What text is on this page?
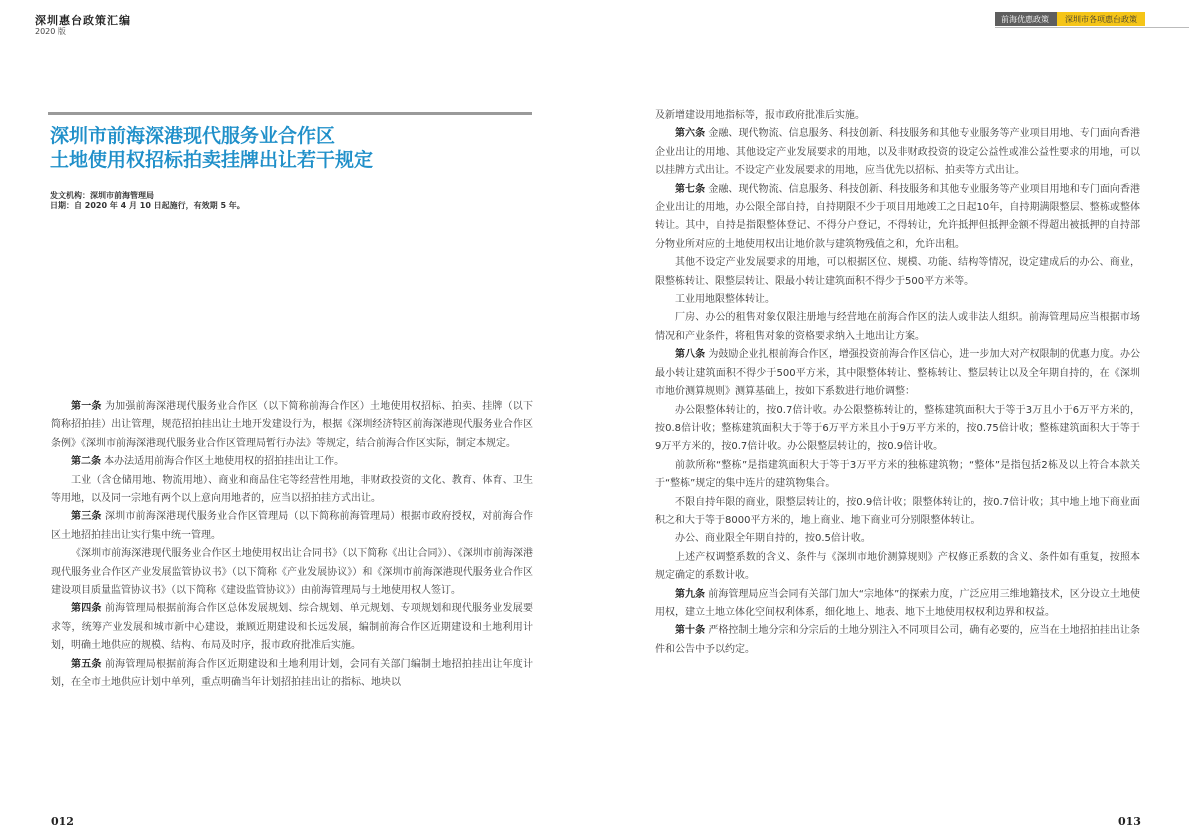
深圳惠台政策汇编
2020 版
前海优惠政策	深圳市各项惠台政策
深圳市前海深港现代服务业合作区
土地使用权招标拍卖挂牌出让若干规定
发文机构：深圳市前海管理局
日期：自 2020 年 4 月 10 日起施行，有效期 5 年。

第一条 为加强前海深港现代服务业合作区（以下简称前海合作区）土地使用权招标、拍卖、挂牌（以下简称招拍挂）出让管理，规范招拍挂出让土地开发建设行为，根据《深圳经济特区前海深港现代服务业合作区条例》《深圳市前海深港现代服务业合作区管理局暂行办法》等规定，结合前海合作区实际，制定本规定。

第二条 本办法适用前海合作区土地使用权的招拍挂出让工作。

工业（含仓储用地、物流用地）、商业和商品住宅等经营性用地，非财政投资的文化、教育、体育、卫生等用地，以及同一宗地有两个以上意向用地者的，应当以招拍挂方式出让。

第三条 深圳市前海深港现代服务业合作区管理局（以下简称前海管理局）根据市政府授权，对前海合作区土地招拍挂出让实行集中统一管理。

《深圳市前海深港现代服务业合作区土地使用权出让合同书》（以下简称《出让合同》）、《深圳市前海深港现代服务业合作区产业发展监管协议书》（以下简称《产业发展协议》）和《深圳市前海深港现代服务业合作区建设项目质量监管协议书》（以下简称《建设监管协议》）由前海管理局与土地使用权人签订。

第四条 前海管理局根据前海合作区总体发展规划、综合规划、单元规划、专项规划和现代服务业发展要求等，统筹产业发展和城市新中心建设，兼顾近期建设和长远发展，编制前海合作区近期建设和土地利用计划，明确土地供应的规模、结构、布局及时序，报市政府批准后实施。

第五条 前海管理局根据前海合作区近期建设和土地利用计划，会同有关部门编制土地招拍挂出让年度计划，在全市土地供应计划中单列，重点明确当年计划招拍挂出让的指标、地块以

及新增建设用地指标等，报市政府批准后实施。

第六条 金融、现代物流、信息服务、科技创新、科技服务和其他专业服务等产业项目用地、专门面向香港企业出让的用地、其他设定产业发展要求的用地，以及非财政投资的设定公益性或准公益性要求的用地，可以以挂牌方式出让。不设定产业发展要求的用地，应当优先以招标、拍卖等方式出让。

第七条 金融、现代物流、信息服务、科技创新、科技服务和其他专业服务等产业项目用地和专门面向香港企业出让的用地，办公限全部自持，自持期限不少于项目用地竣工之日起10年，自持期满限整层、整栋或整体转让。其中，自持是指限整体登记、不得分户登记，不得转让，允许抵押但抵押金额不得超出被抵押的自持部分物业所对应的土地使用权出让地价款与建筑物残值之和，允许出租。

其他不设定产业发展要求的用地，可以根据区位、规模、功能、结构等情况，设定建成后的办公、商业，限整栋转让、限整层转让、限最小转让建筑面积不得少于500平方米等。

工业用地限整体转让。

厂房、办公的租售对象仅限注册地与经营地在前海合作区的法人或非法人组织。前海管理局应当根据市场情况和产业条件，将租售对象的资格要求纳入土地出让方案。

第八条 为鼓励企业扎根前海合作区，增强投资前海合作区信心，进一步加大对产权限制的优惠力度。办公最小转让建筑面积不得少于500平方米，其中限整体转让、整栋转让、整层转让以及全年期自持的，在《深圳市地价测算规则》测算基础上，按如下系数进行地价调整：

办公限整体转让的，按0.7倍计收。办公限整栋转让的，整栋建筑面积大于等于3万且小于6万平方米的，按0.8倍计收；整栋建筑面积大于等于6万平方米且小于9万平方米的，按0.75倍计收；整栋建筑面积大于等于9万平方米的，按0.7倍计收。办公限整层转让的，按0.9倍计收。

前款所称“整栋”是指建筑面积大于等于3万平方米的独栋建筑物；“整体”是指包括2栋及以上符合本款关于“整栋”规定的集中连片的建筑物集合。

不限自持年限的商业，限整层转让的，按0.9倍计收；限整体转让的，按0.7倍计收；其中地上地下商业面积之和大于等于8000平方米的，地上商业、地下商业可分别限整体转让。

办公、商业限全年期自持的，按0.5倍计收。

上述产权调整系数的含义、条件与《深圳市地价测算规则》产权修正系数的含义、条件如有重复，按照本规定确定的系数计收。

第九条 前海管理局应当会同有关部门加大“宗地体”的探索力度，广泛应用三维地籍技术，区分设立土地使用权，建立土地立体化空间权利体系，细化地上、地表、地下土地使用权权利边界和权益。

第十条 严格控制土地分宗和分宗后的土地分别注入不同项目公司，确有必要的，应当在土地招拍挂出让条件和公告中予以约定。

012	013
